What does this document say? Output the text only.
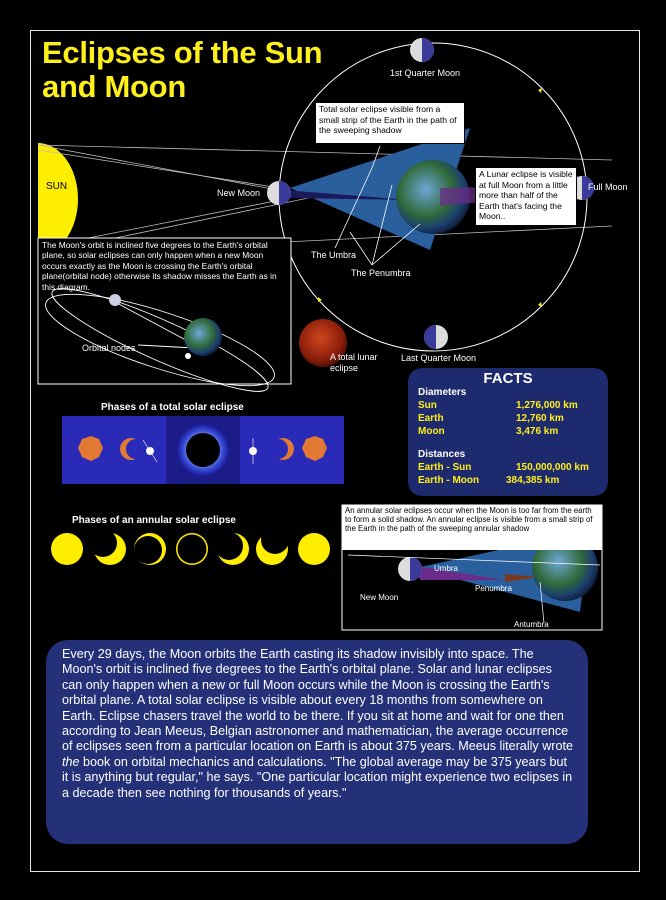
Eclipses of the Sun
and Moon
SUN
New Moon
1st Quarter Moon
Full Moon
Last Quarter Moon
The Umbra
The Penumbra
A total lunar
eclipse
Orbital nodes
Total solar eclipse visible from a small strip of the Earth in the path of the sweeping shadow
A Lunar eclipse is visible at full Moon from a little more than half of the Earth that's facing the Moon..
The Moon's orbit is inclined five degrees to the Earth's orbital plane, so solar eclipses can only happen when a new Moon occurs exactly as the Moon is crossing the Earth's orbital plane(orbital node) otherwise its shadow misses the Earth as in this diagram.
Phases of a total solar eclipse
Phases of an annular solar eclipse
An annular solar eclipses occur when the Moon is too far from the earth to form a solid shadow. An annular eclipse is visible from a small strip of the Earth in the path of the sweeping annular shadow
Umbra
Penumbra
Antumbra
New Moon
FACTS
Diameters
Sun	1,276,000 km
Earth	12,760 km
Moon	3,476 km
Distances
Earth - Sun	150,000,000 km
Earth - Moon	384,385 km
Every 29 days, the Moon orbits the Earth casting its shadow invisibly into space. The Moon's orbit is inclined five degrees to the Earth's orbital plane. Solar and lunar eclipses can only happen when a new or full Moon occurs while the Moon is crossing the Earth's orbital plane. A total solar eclipse is visible about every 18 months from somewhere on Earth. Eclipse chasers travel the world to be there. If you sit at home and wait for one then according to Jean Meeus, Belgian astronomer and mathematician, the average occurrence of eclipses seen from a particular location on Earth is about 375 years. Meeus literally wrote the book on orbital mechanics and calculations. "The global average may be 375 years but it is anything but regular," he says. "One particular location might experience two eclipses in a decade then see nothing for thousands of years."
